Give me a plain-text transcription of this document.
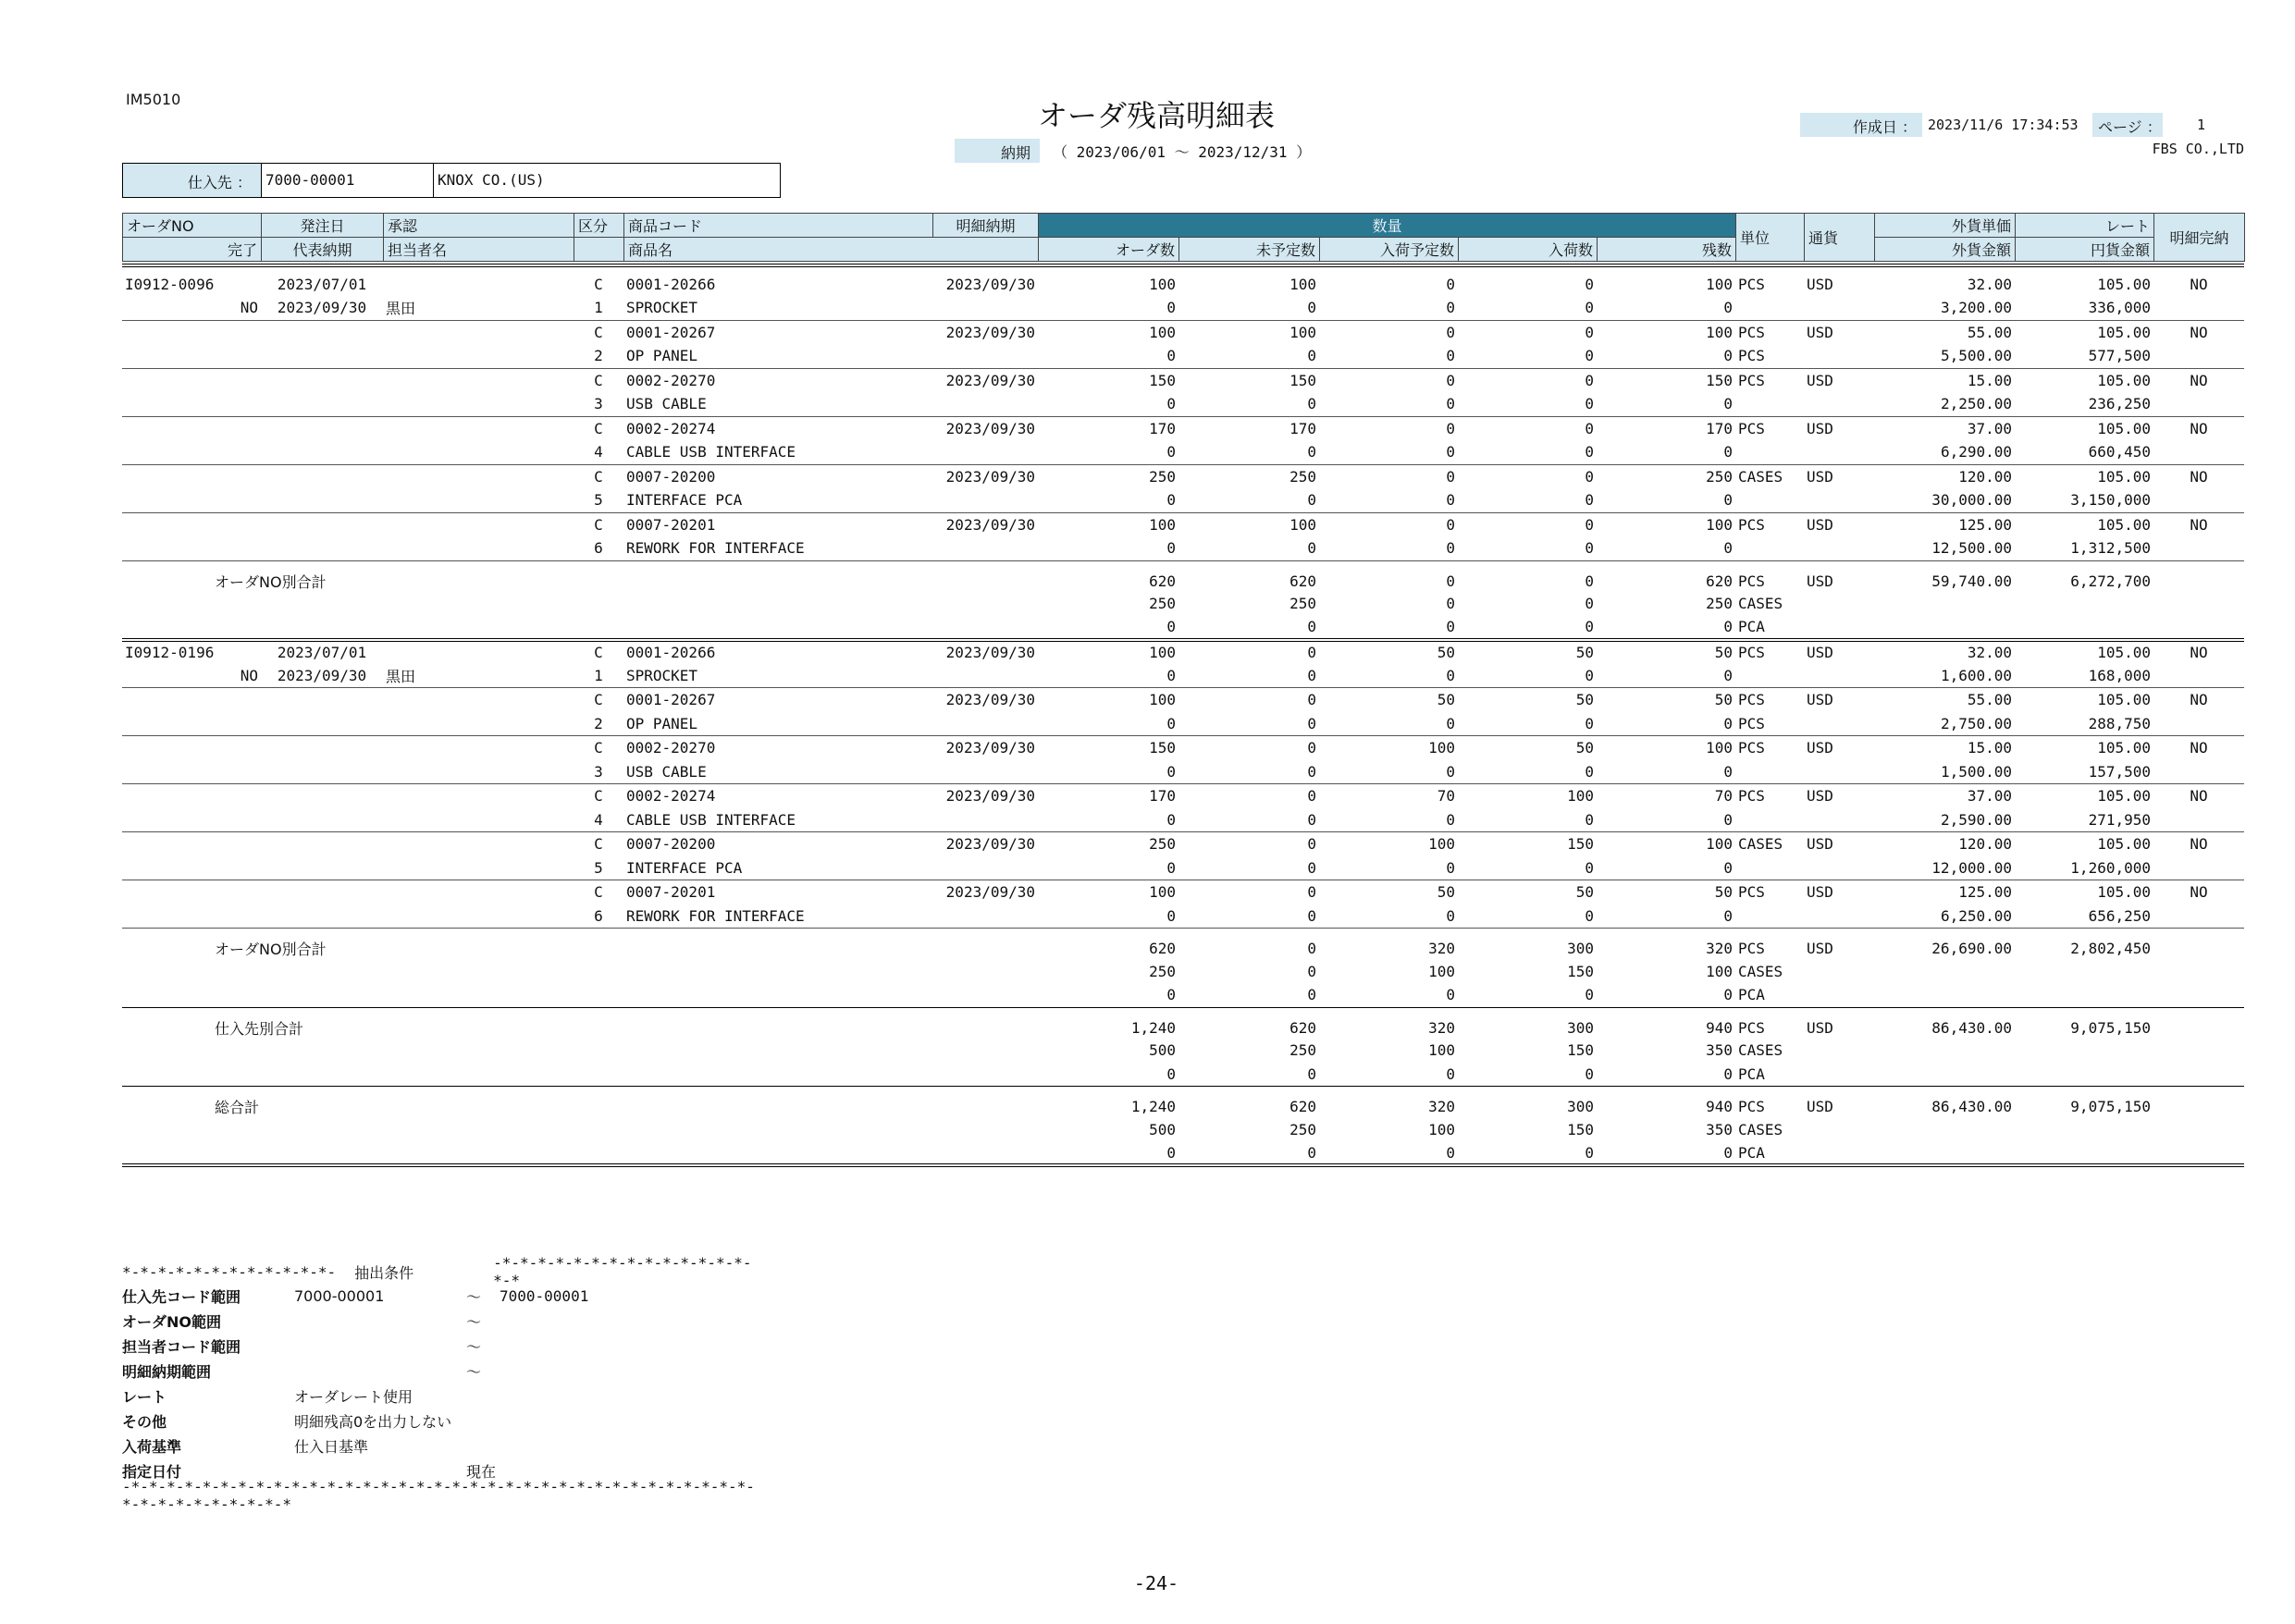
IM5010	オーダ残高明細表
納期	（ 2023/06/01 ～ 2023/12/31 ）
作成日 ： 2023/11/6 17:34:53	ページ ：	1
FBS CO.,LTD
仕入先 ： 7000-00001	KNOX CO.(US)
オーダNO	発注日	承認	区分	商品コード	明細納期	数量					単位	通貨	外貨単価	レート	明細完納
完了	代表納期	担当者名		商品名		オーダ数	未予定数	入荷予定数	入荷数	残数			外貨金額	円貨金額	
I0912-0096	2023/07/01		C	0001-20266	2023/09/30	100	100	0	0	100	PCS	USD	32.00	105.00	NO
NO	2023/09/30	黒田	1	SPROCKET		0	0	0	0	0			3,200.00	336,000	
			C	0001-20267	2023/09/30	100	100	0	0	100	PCS	USD	55.00	105.00	NO
			2	OP PANEL		0	0	0	0	0	PCS		5,500.00	577,500	
			C	0002-20270	2023/09/30	150	150	0	0	150	PCS	USD	15.00	105.00	NO
			3	USB CABLE		0	0	0	0	0			2,250.00	236,250	
			C	0002-20274	2023/09/30	170	170	0	0	170	PCS	USD	37.00	105.00	NO
			4	CABLE USB INTERFACE		0	0	0	0	0			6,290.00	660,450	
			C	0007-20200	2023/09/30	250	250	0	0	250	CASES	USD	120.00	105.00	NO
			5	INTERFACE PCA		0	0	0	0	0			30,000.00	3,150,000	
			C	0007-20201	2023/09/30	100	100	0	0	100	PCS	USD	125.00	105.00	NO
			6	REWORK FOR INTERFACE		0	0	0	0	0			12,500.00	1,312,500	
オーダNO別合計						620	620	0	0	620	PCS	USD	59,740.00	6,272,700	
						250	250	0	0	250	CASES				
						0	0	0	0	0	PCA				
I0912-0196	2023/07/01		C	0001-20266	2023/09/30	100	0	50	50	50	PCS	USD	32.00	105.00	NO
NO	2023/09/30	黒田	1	SPROCKET		0	0	0	0	0			1,600.00	168,000	
			C	0001-20267	2023/09/30	100	0	50	50	50	PCS	USD	55.00	105.00	NO
			2	OP PANEL		0	0	0	0	0	PCS		2,750.00	288,750	
			C	0002-20270	2023/09/30	150	0	100	50	100	PCS	USD	15.00	105.00	NO
			3	USB CABLE		0	0	0	0	0			1,500.00	157,500	
			C	0002-20274	2023/09/30	170	0	70	100	70	PCS	USD	37.00	105.00	NO
			4	CABLE USB INTERFACE		0	0	0	0	0			2,590.00	271,950	
			C	0007-20200	2023/09/30	250	0	100	150	100	CASES	USD	120.00	105.00	NO
			5	INTERFACE PCA		0	0	0	0	0			12,000.00	1,260,000	
			C	0007-20201	2023/09/30	100	0	50	50	50	PCS	USD	125.00	105.00	NO
			6	REWORK FOR INTERFACE		0	0	0	0	0			6,250.00	656,250	
オーダNO別合計						620	0	320	300	320	PCS	USD	26,690.00	2,802,450	
						250	0	100	150	100	CASES				
						0	0	0	0	0	PCA				
仕入先別合計						1,240	620	320	300	940	PCS	USD	86,430.00	9,075,150	
						500	250	100	150	350	CASES				
						0	0	0	0	0	PCA				
総合計						1,240	620	320	300	940	PCS	USD	86,430.00	9,075,150	
						500	250	100	150	350	CASES				
						0	0	0	0	0	PCA				
*-*-*-*-*-*-*-*-*-*-*-*-	抽出条件
-*-*-*-*-*-*-*-*-*-*-*-*-*-*-*-*
仕入先コード範囲	7000-00001	～	7000-00001
オーダNO範囲	～
担当者コード範囲	～
明細納期範囲	～
レート	オーダレート使用
その他	明細残高0を出力しない
入荷基準	仕入日基準
指定日付	現在
-*-*-*-*-*-*-*-*-*-*-*-*-*-*-*-*-*-*-*-*-*-*-*-*-*-*-*-*-*-*-*-*-*-*-*-*-*-*-*-*-*-*-*-*-*
-24-
